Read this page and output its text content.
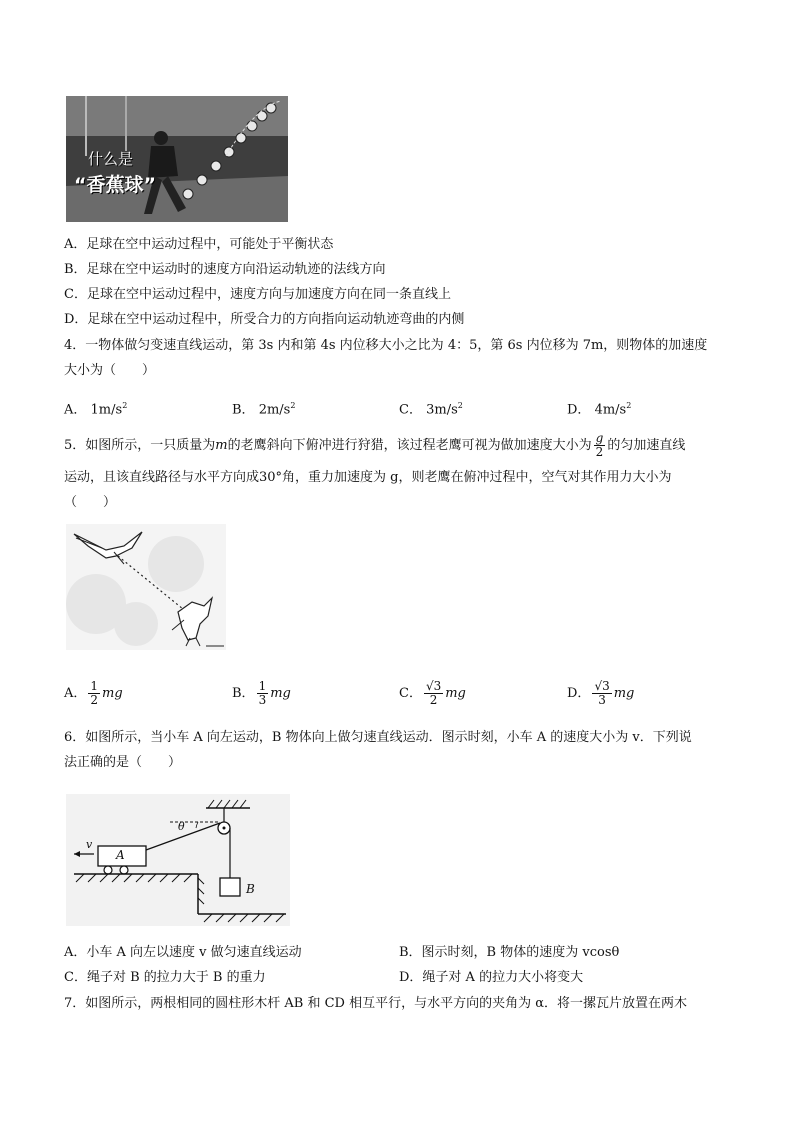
什么是
“香蕉球”
A．足球在空中运动过程中，可能处于平衡状态
B．足球在空中运动时的速度方向沿运动轨迹的法线方向
C．足球在空中运动过程中，速度方向与加速度方向在同一条直线上
D．足球在空中运动过程中，所受合力的方向指向运动轨迹弯曲的内侧
4．一物体做匀变速直线运动，第 3s 内和第 4s 内位移大小之比为 4：5，第 6s 内位移为 7m，则物体的加速度
大小为（　　）
A． $1m/s^2$	B． $2m/s^2$	C． $3m/s^2$	D． $4m/s^2$
5．如图所示，一只质量为m的老鹰斜向下俯冲进行狩猎，该过程老鹰可视为做加速度大小为 $\frac{g}{2}$ 的匀加速直线
运动，且该直线路径与水平方向成30°角，重力加速度为 g，则老鹰在俯冲过程中，空气对其作用力大小为
（　　）
A． $\frac{1}{2}$ mg	B． $\frac{1}{3}$ mg	C． $\frac{√3}{2}$ mg	D． $\frac{√3}{3}$ mg
6．如图所示，当小车 A 向左运动，B 物体向上做匀速直线运动．图示时刻，小车 A 的速度大小为 v．下列说
法正确的是（　　）
v
A
B
θ
A．小车 A 向左以速度 v 做匀速直线运动	B．图示时刻，B 物体的速度为 vcosθ
C．绳子对 B 的拉力大于 B 的重力	D．绳子对 A 的拉力大小将变大
7．如图所示，两根相同的圆柱形木杆 AB 和 CD 相互平行，与水平方向的夹角为 α．将一摞瓦片放置在两木
